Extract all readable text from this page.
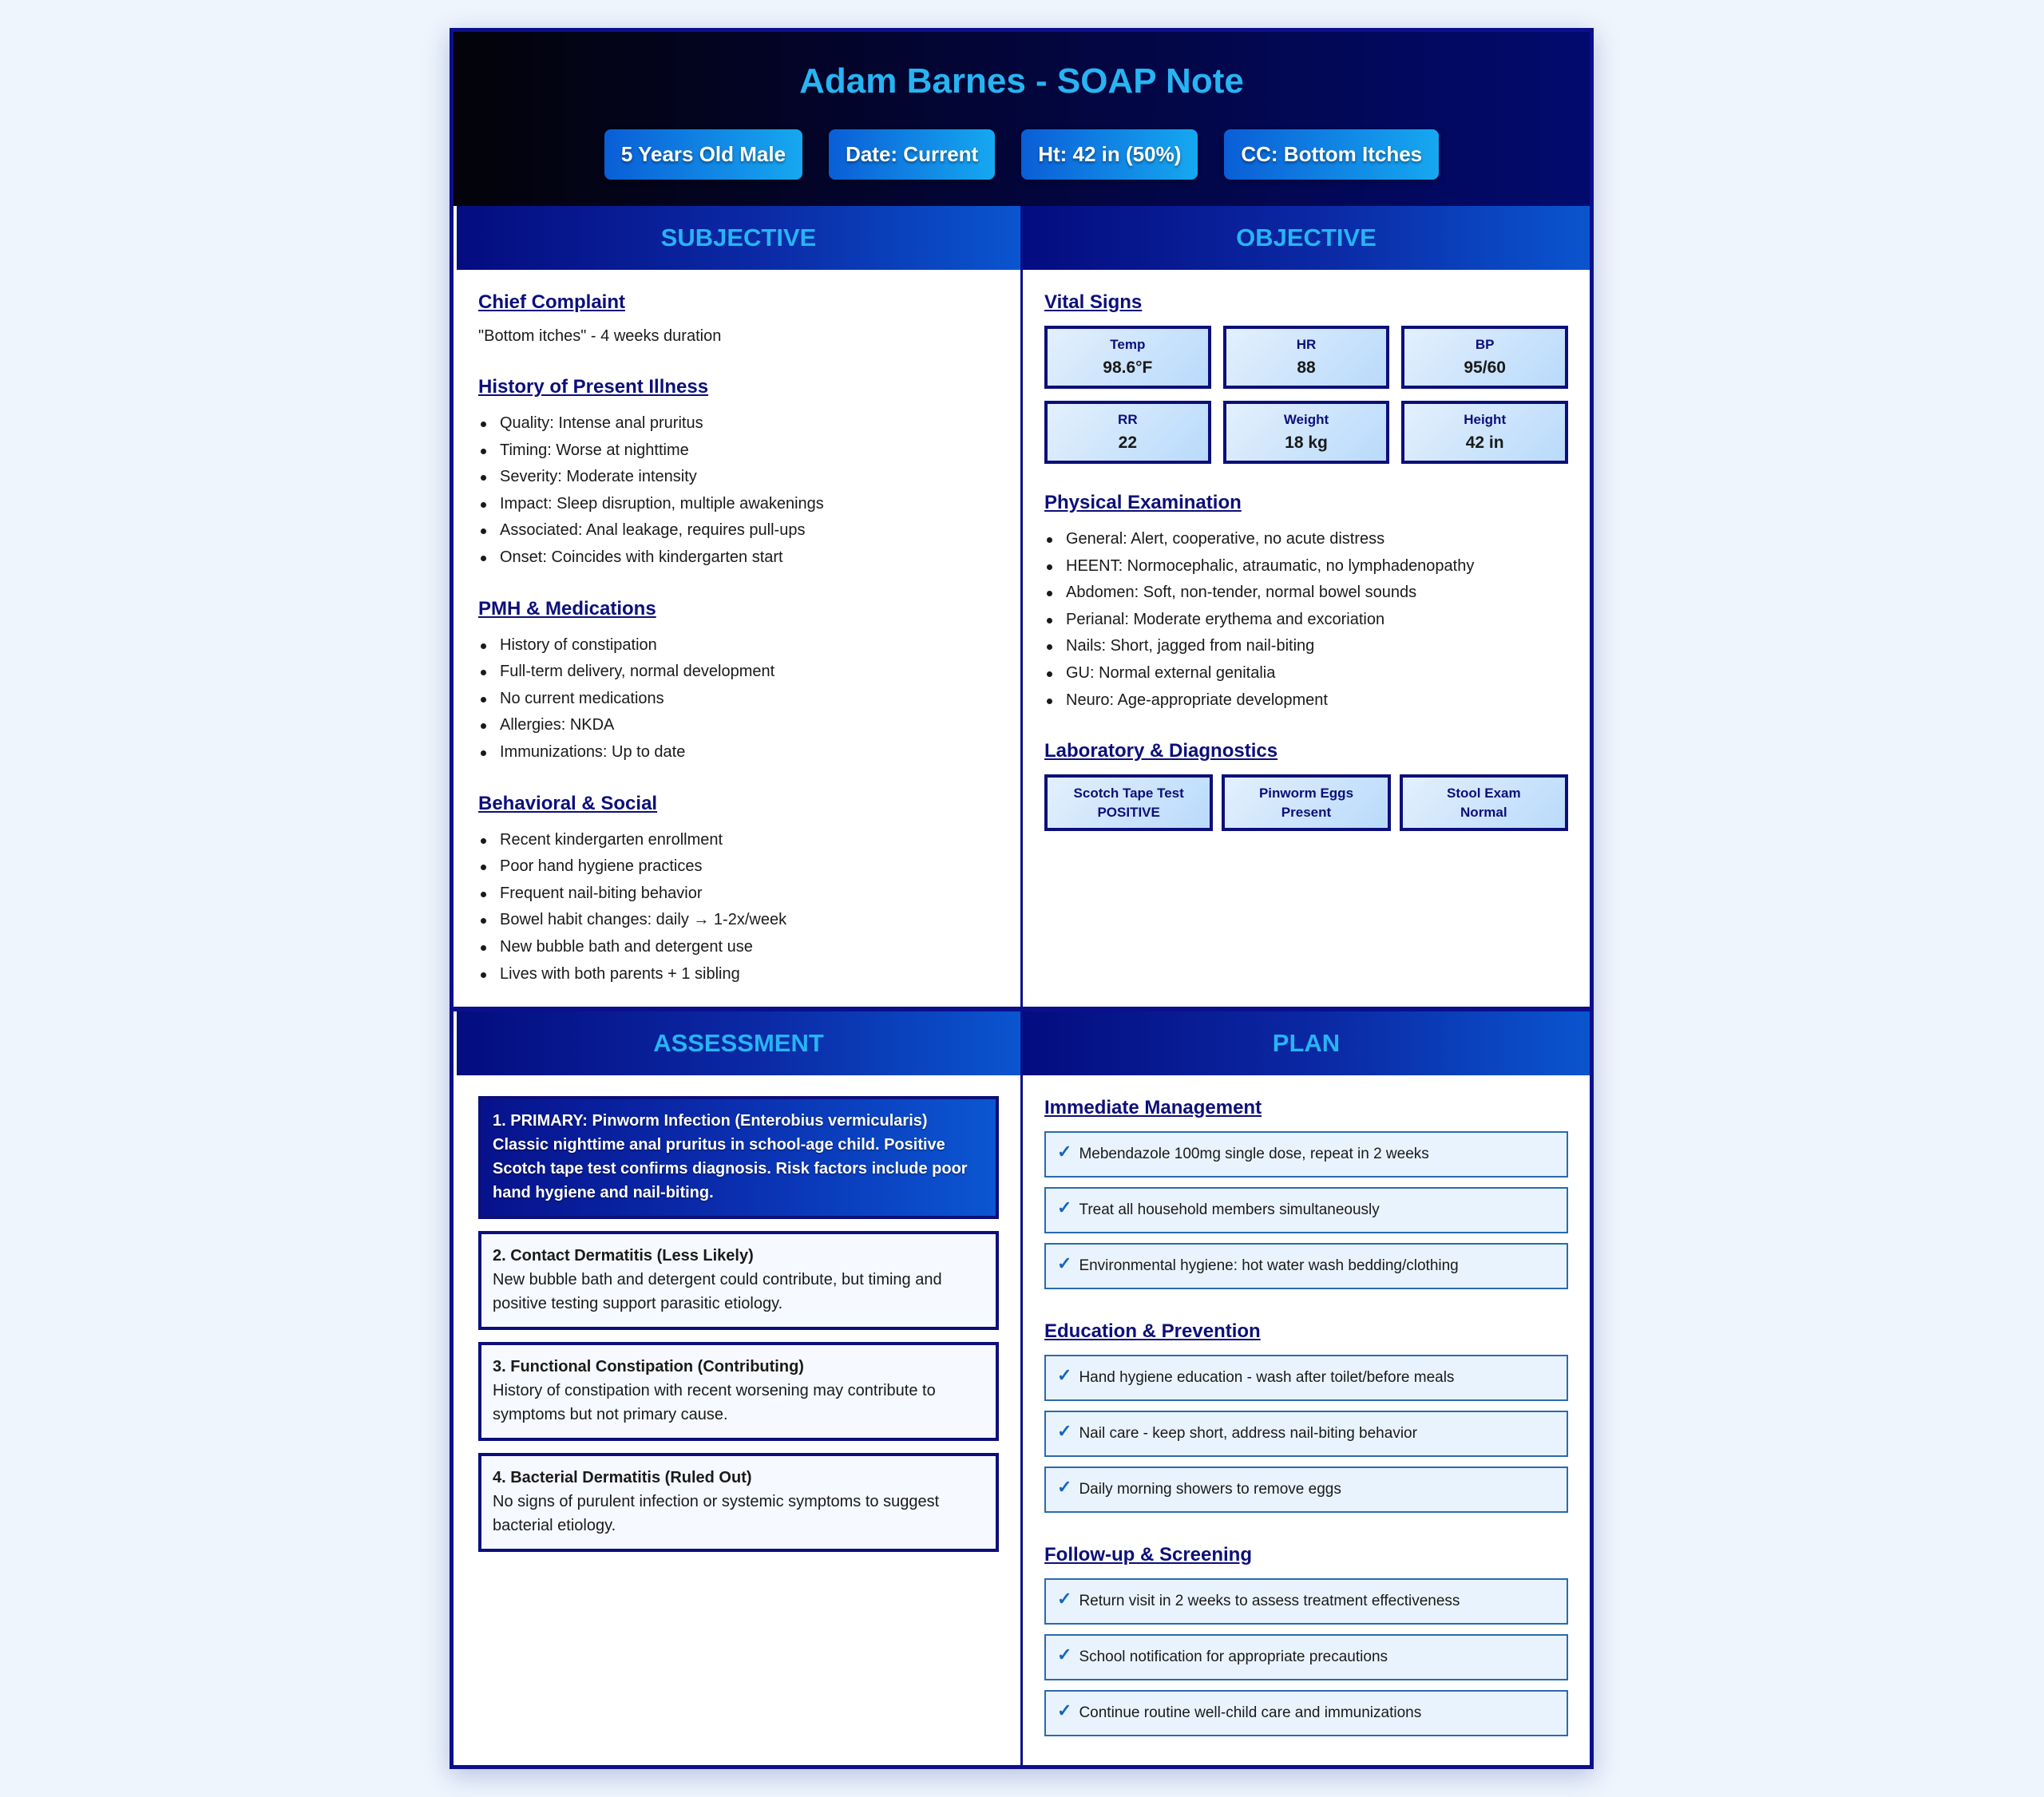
Adam Barnes - SOAP Note
5 Years Old Male	Date: Current	Ht: 42 in (50%)	CC: Bottom Itches
SUBJECTIVE
Chief Complaint
"Bottom itches" - 4 weeks duration
History of Present Illness
Quality: Intense anal pruritus
Timing: Worse at nighttime
Severity: Moderate intensity
Impact: Sleep disruption, multiple awakenings
Associated: Anal leakage, requires pull-ups
Onset: Coincides with kindergarten start
PMH & Medications
History of constipation
Full-term delivery, normal development
No current medications
Allergies: NKDA
Immunizations: Up to date
Behavioral & Social
Recent kindergarten enrollment
Poor hand hygiene practices
Frequent nail-biting behavior
Bowel habit changes: daily → 1-2x/week
New bubble bath and detergent use
Lives with both parents + 1 sibling
OBJECTIVE
Vital Signs
Temp
98.6°F
HR
88
BP
95/60
RR
22
Weight
18 kg
Height
42 in
Physical Examination
General: Alert, cooperative, no acute distress
HEENT: Normocephalic, atraumatic, no lymphadenopathy
Abdomen: Soft, non-tender, normal bowel sounds
Perianal: Moderate erythema and excoriation
Nails: Short, jagged from nail-biting
GU: Normal external genitalia
Neuro: Age-appropriate development
Laboratory & Diagnostics
Scotch Tape Test
POSITIVE
Pinworm Eggs
Present
Stool Exam
Normal
ASSESSMENT
1. PRIMARY: Pinworm Infection (Enterobius vermicularis) Classic nighttime anal pruritus in school-age child. Positive Scotch tape test confirms diagnosis. Risk factors include poor hand hygiene and nail-biting.
2. Contact Dermatitis (Less Likely)
New bubble bath and detergent could contribute, but timing and positive testing support parasitic etiology.
3. Functional Constipation (Contributing)
History of constipation with recent worsening may contribute to symptoms but not primary cause.
4. Bacterial Dermatitis (Ruled Out)
No signs of purulent infection or systemic symptoms to suggest bacterial etiology.
PLAN
Immediate Management
✓ Mebendazole 100mg single dose, repeat in 2 weeks
✓ Treat all household members simultaneously
✓ Environmental hygiene: hot water wash bedding/clothing
Education & Prevention
✓ Hand hygiene education - wash after toilet/before meals
✓ Nail care - keep short, address nail-biting behavior
✓ Daily morning showers to remove eggs
Follow-up & Screening
✓ Return visit in 2 weeks to assess treatment effectiveness
✓ School notification for appropriate precautions
✓ Continue routine well-child care and immunizations
